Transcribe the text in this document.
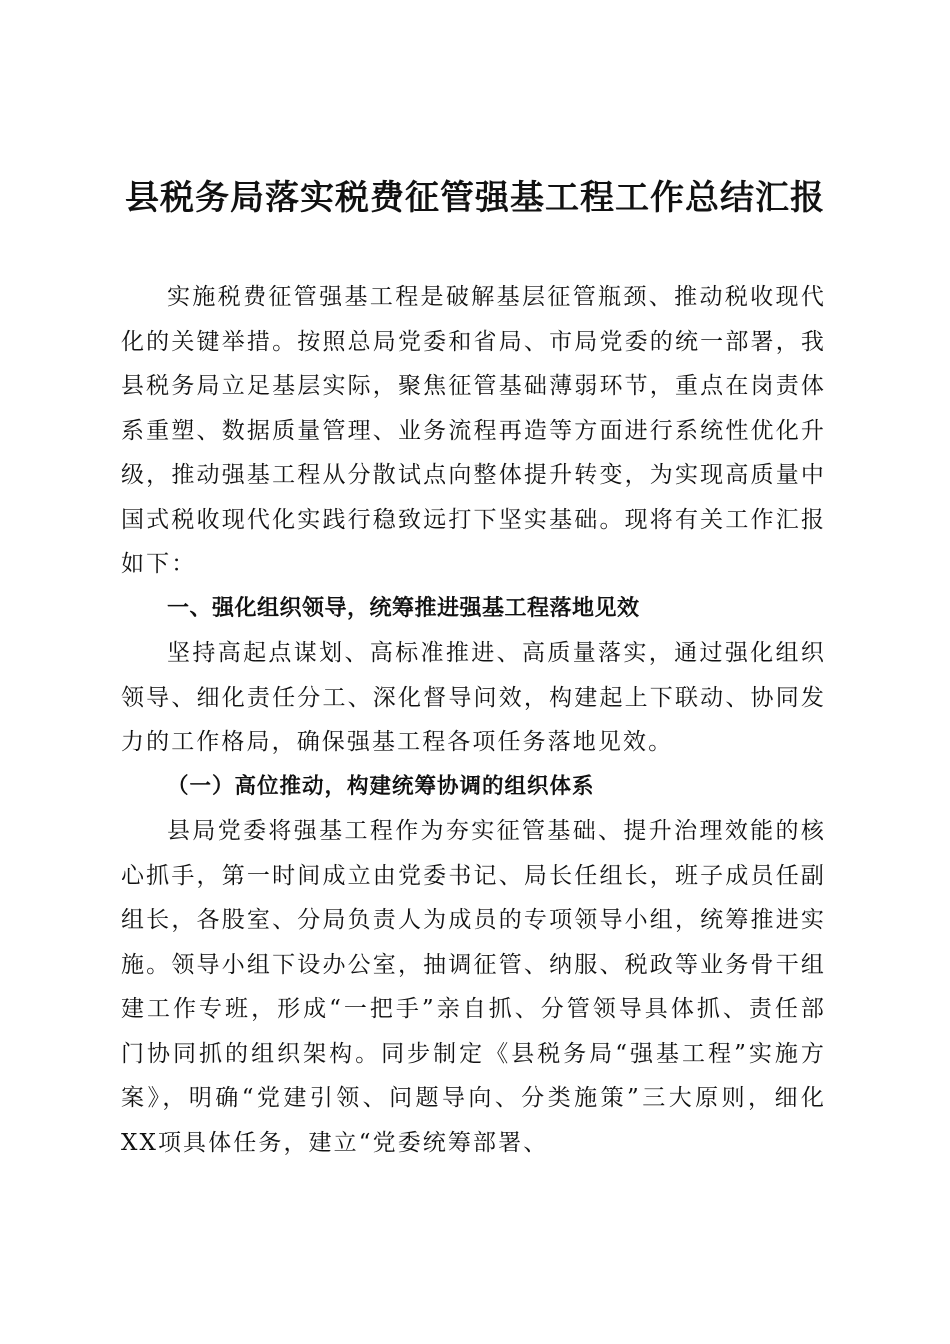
县税务局落实税费征管强基工程工作总结汇报

实施税费征管强基工程是破解基层征管瓶颈、推动税收现代化的关键举措。按照总局党委和省局、市局党委的统一部署，我县税务局立足基层实际，聚焦征管基础薄弱环节，重点在岗责体系重塑、数据质量管理、业务流程再造等方面进行系统性优化升级，推动强基工程从分散试点向整体提升转变，为实现高质量中国式税收现代化实践行稳致远打下坚实基础。现将有关工作汇报如下：

一、强化组织领导，统筹推进强基工程落地见效

坚持高起点谋划、高标准推进、高质量落实，通过强化组织领导、细化责任分工、深化督导问效，构建起上下联动、协同发力的工作格局，确保强基工程各项任务落地见效。

（一）高位推动，构建统筹协调的组织体系

县局党委将强基工程作为夯实征管基础、提升治理效能的核心抓手，第一时间成立由党委书记、局长任组长，班子成员任副组长，各股室、分局负责人为成员的专项领导小组，统筹推进实施。领导小组下设办公室，抽调征管、纳服、税政等业务骨干组建工作专班，形成“一把手”亲自抓、分管领导具体抓、责任部门协同抓的组织架构。同步制定《县税务局“强基工程”实施方案》，明确“党建引领、问题导向、分类施策”三大原则，细化XX项具体任务，建立“党委统筹部署、
